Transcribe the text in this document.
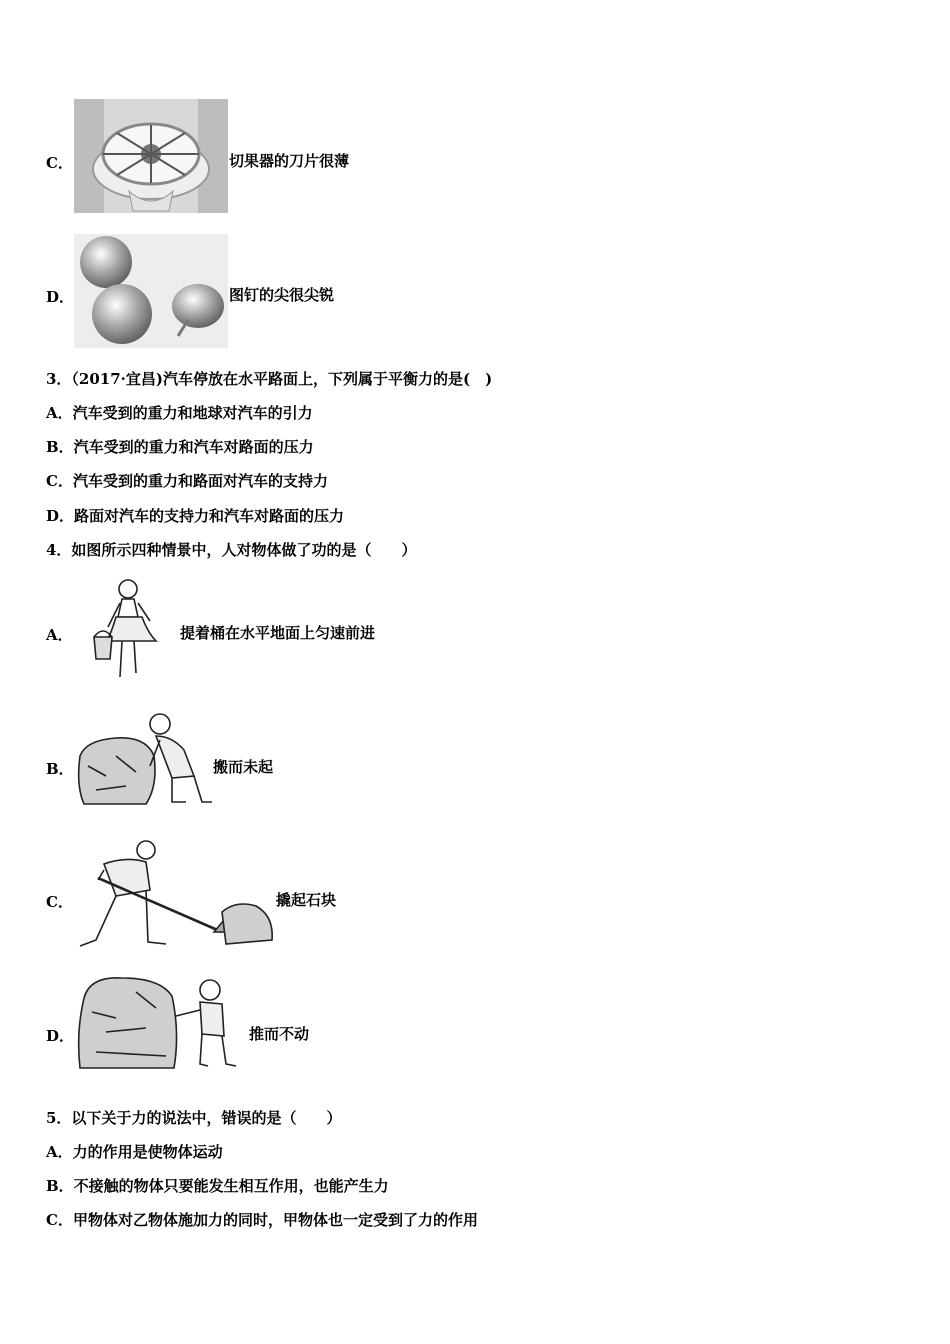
C．	切果器的刀片很薄
D．	图钉的尖很尖锐
3．（2017·宜昌)汽车停放在水平路面上，下列属于平衡力的是(　)
A．汽车受到的重力和地球对汽车的引力
B．汽车受到的重力和汽车对路面的压力
C．汽车受到的重力和路面对汽车的支持力
D．路面对汽车的支持力和汽车对路面的压力
4．如图所示四种情景中，人对物体做了功的是（　　）
A．	提着桶在水平地面上匀速前进
B．	搬而未起
C．	撬起石块
D．	推而不动
5．以下关于力的说法中，错误的是（　　）
A．力的作用是使物体运动
B．不接触的物体只要能发生相互作用，也能产生力
C．甲物体对乙物体施加力的同时，甲物体也一定受到了力的作用
